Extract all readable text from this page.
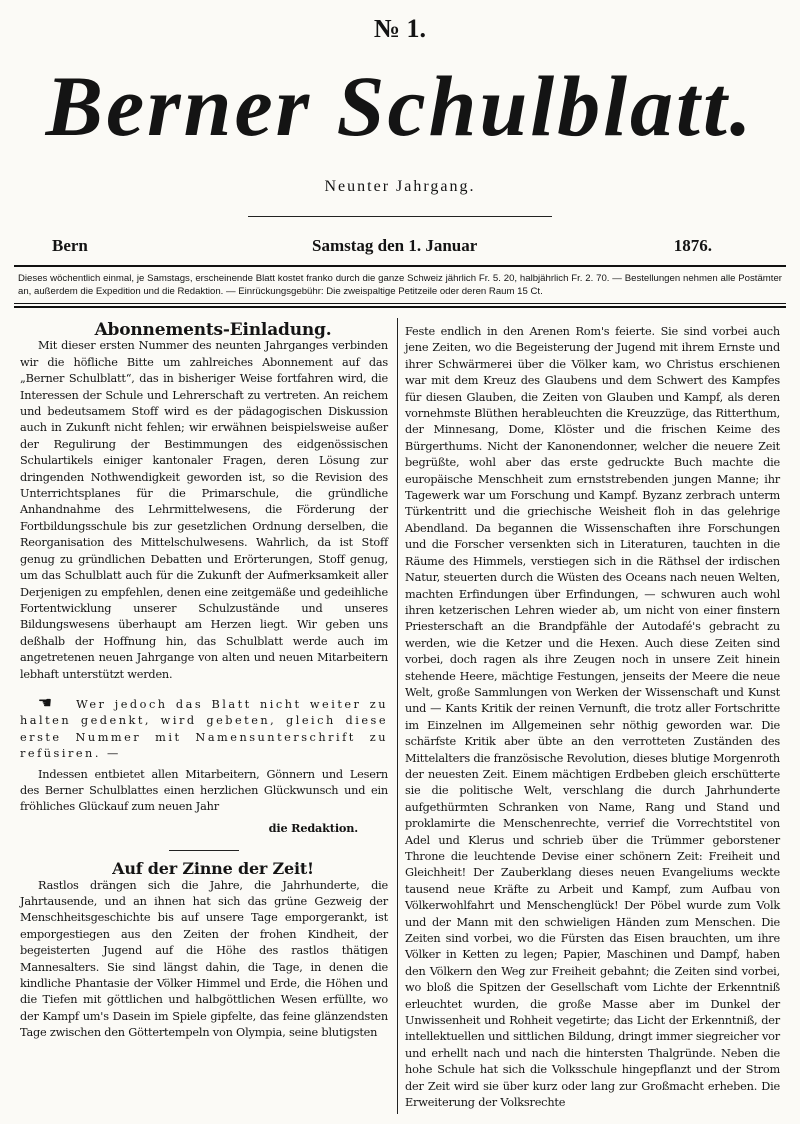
№ 1.
Berner Schulblatt.
Neunter Jahrgang.
Bern	Samstag den 1. Januar	1876.
Dieses wöchentlich einmal, je Samstags, erscheinende Blatt kostet franko durch die ganze Schweiz jährlich Fr. 5. 20, halbjährlich Fr. 2. 70. — Bestellungen nehmen alle Postämter an, außerdem die Expedition und die Redaktion. — Einrückungsgebühr: Die zweispaltige Petitzeile oder deren Raum 15 Ct.

Abonnements-Einladung.

Mit dieser ersten Nummer des neunten Jahrganges verbinden wir die höfliche Bitte um zahlreiches Abonnement auf das „Berner Schulblatt“, das in bisheriger Weise fortfahren wird, die Interessen der Schule und Lehrerschaft zu vertreten. An reichem und bedeutsamem Stoff wird es der pädagogischen Diskussion auch in Zukunft nicht fehlen; wir erwähnen beispielsweise außer der Regulirung der Bestimmungen des eidgenössischen Schulartikels einiger kantonaler Fragen, deren Lösung zur dringenden Nothwendigkeit geworden ist, so die Revision des Unterrichtsplanes für die Primarschule, die gründliche Anhandnahme des Lehrmittelwesens, die Förderung der Fortbildungsschule bis zur gesetzlichen Ordnung derselben, die Reorganisation des Mittelschulwesens. Wahrlich, da ist Stoff genug zu gründlichen Debatten und Erörterungen, Stoff genug, um das Schulblatt auch für die Zukunft der Aufmerksamkeit aller Derjenigen zu empfehlen, denen eine zeitgemäße und gedeihliche Fortentwicklung unserer Schulzustände und unseres Bildungswesens überhaupt am Herzen liegt. Wir geben uns deßhalb der Hoffnung hin, das Schulblatt werde auch im angetretenen neuen Jahrgange von alten und neuen Mitarbeitern lebhaft unterstützt werden.

☛ Wer jedoch das Blatt nicht weiter zu halten gedenkt, wird gebeten, gleich diese erste Nummer mit Namensunterschrift zu refüsiren. —

Indessen entbietet allen Mitarbeitern, Gönnern und Lesern des Berner Schulblattes einen herzlichen Glückwunsch und ein fröhliches Glückauf zum neuen Jahr

die Redaktion.

Auf der Zinne der Zeit!

Rastlos drängen sich die Jahre, die Jahrhunderte, die Jahrtausende, und an ihnen hat sich das grüne Gezweig der Menschheitsgeschichte bis auf unsere Tage emporgerankt, ist emporgestiegen aus den Zeiten der frohen Kindheit, der begeisterten Jugend auf die Höhe des rastlos thätigen Mannesalters. Sie sind längst dahin, die Tage, in denen die kindliche Phantasie der Völker Himmel und Erde, die Höhen und die Tiefen mit göttlichen und halbgöttlichen Wesen erfüllte, wo der Kampf um's Dasein im Spiele gipfelte, das feine glänzendsten Tage zwischen den Göttertempeln von Olympia, seine blutigsten

Feste endlich in den Arenen Rom's feierte. Sie sind vorbei auch jene Zeiten, wo die Begeisterung der Jugend mit ihrem Ernste und ihrer Schwärmerei über die Völker kam, wo Christus erschienen war mit dem Kreuz des Glaubens und dem Schwert des Kampfes für diesen Glauben, die Zeiten von Glauben und Kampf, als deren vornehmste Blüthen herableuchten die Kreuzzüge, das Ritterthum, der Minnesang, Dome, Klöster und die frischen Keime des Bürgerthums. Nicht der Kanonendonner, welcher die neuere Zeit begrüßte, wohl aber das erste gedruckte Buch machte die europäische Menschheit zum ernststrebenden jungen Manne; ihr Tagewerk war um Forschung und Kampf. Byzanz zerbrach unterm Türkentritt und die griechische Weisheit floh in das gelehrige Abendland. Da begannen die Wissenschaften ihre Forschungen und die Forscher versenkten sich in Literaturen, tauchten in die Räume des Himmels, verstiegen sich in die Räthsel der irdischen Natur, steuerten durch die Wüsten des Oceans nach neuen Welten, machten Erfindungen über Erfindungen, — schwuren auch wohl ihren ketzerischen Lehren wieder ab, um nicht von einer finstern Priesterschaft an die Brandpfähle der Autodafé's gebracht zu werden, wie die Ketzer und die Hexen. Auch diese Zeiten sind vorbei, doch ragen als ihre Zeugen noch in unsere Zeit hinein stehende Heere, mächtige Festungen, jenseits der Meere die neue Welt, große Sammlungen von Werken der Wissenschaft und Kunst und — Kants Kritik der reinen Vernunft, die trotz aller Fortschritte im Einzelnen im Allgemeinen sehr nöthig geworden war. Die schärfste Kritik aber übte an den verrotteten Zuständen des Mittelalters die französische Revolution, dieses blutige Morgenroth der neuesten Zeit. Einem mächtigen Erdbeben gleich erschütterte sie die politische Welt, verschlang die durch Jahrhunderte aufgethürmten Schranken von Name, Rang und Stand und proklamirte die Menschenrechte, verrief die Vorrechtstitel von Adel und Klerus und schrieb über die Trümmer geborstener Throne die leuchtende Devise einer schönern Zeit: Freiheit und Gleichheit! Der Zauberklang dieses neuen Evangeliums weckte tausend neue Kräfte zu Arbeit und Kampf, zum Aufbau von Völkerwohlfahrt und Menschenglück! Der Pöbel wurde zum Volk und der Mann mit den schwieligen Händen zum Menschen. Die Zeiten sind vorbei, wo die Fürsten das Eisen brauchten, um ihre Völker in Ketten zu legen; Papier, Maschinen und Dampf, haben den Völkern den Weg zur Freiheit gebahnt; die Zeiten sind vorbei, wo bloß die Spitzen der Gesellschaft vom Lichte der Erkenntniß erleuchtet wurden, die große Masse aber im Dunkel der Unwissenheit und Rohheit vegetirte; das Licht der Erkenntniß, der intellektuellen und sittlichen Bildung, dringt immer siegreicher vor und erhellt nach und nach die hintersten Thalgründe. Neben die hohe Schule hat sich die Volksschule hingepflanzt und der Strom der Zeit wird sie über kurz oder lang zur Großmacht erheben. Die Erweiterung der Volksrechte
